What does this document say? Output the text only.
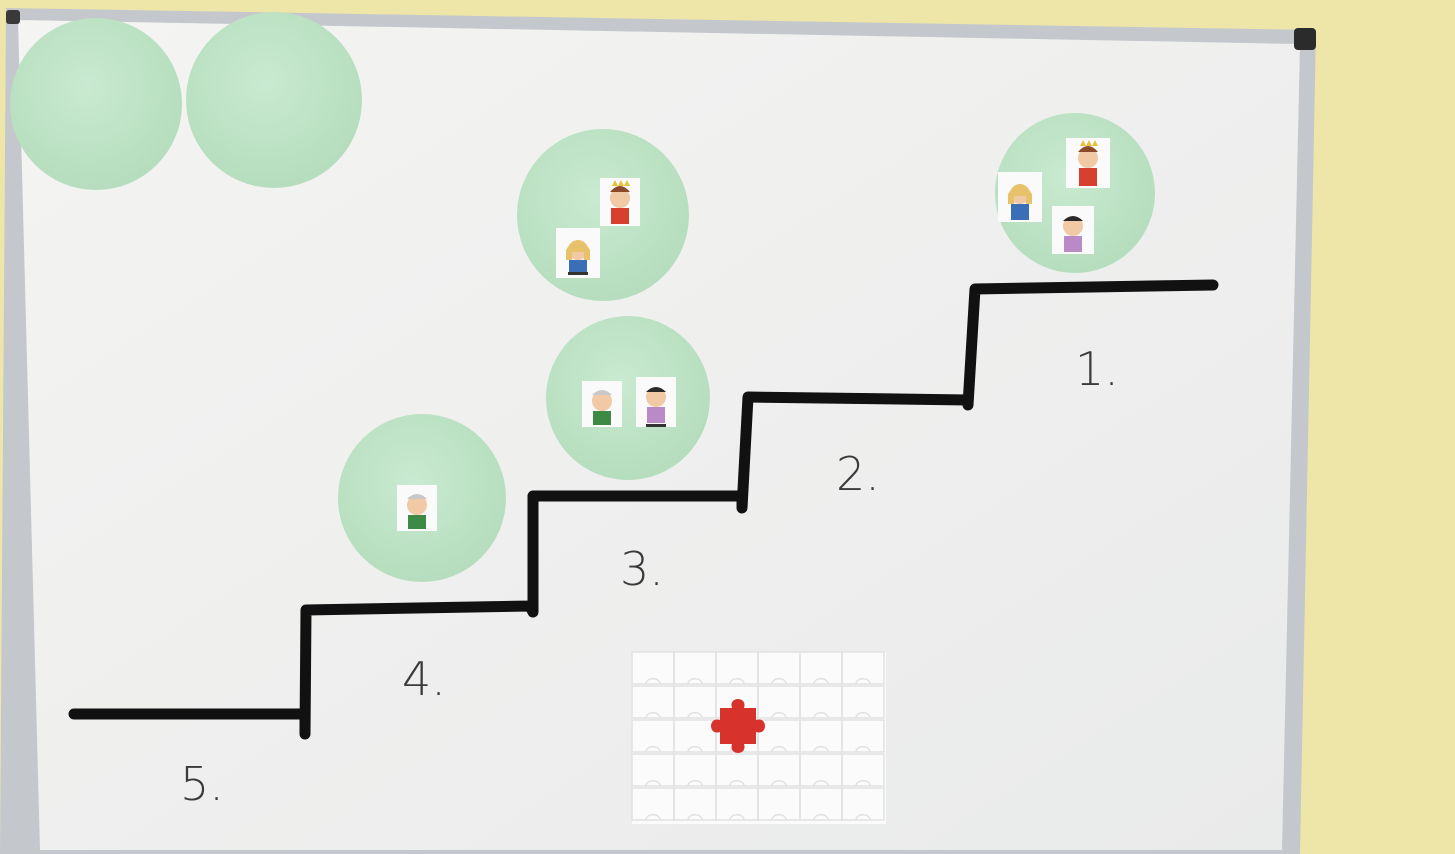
1.
2.
3.
4.
5.
